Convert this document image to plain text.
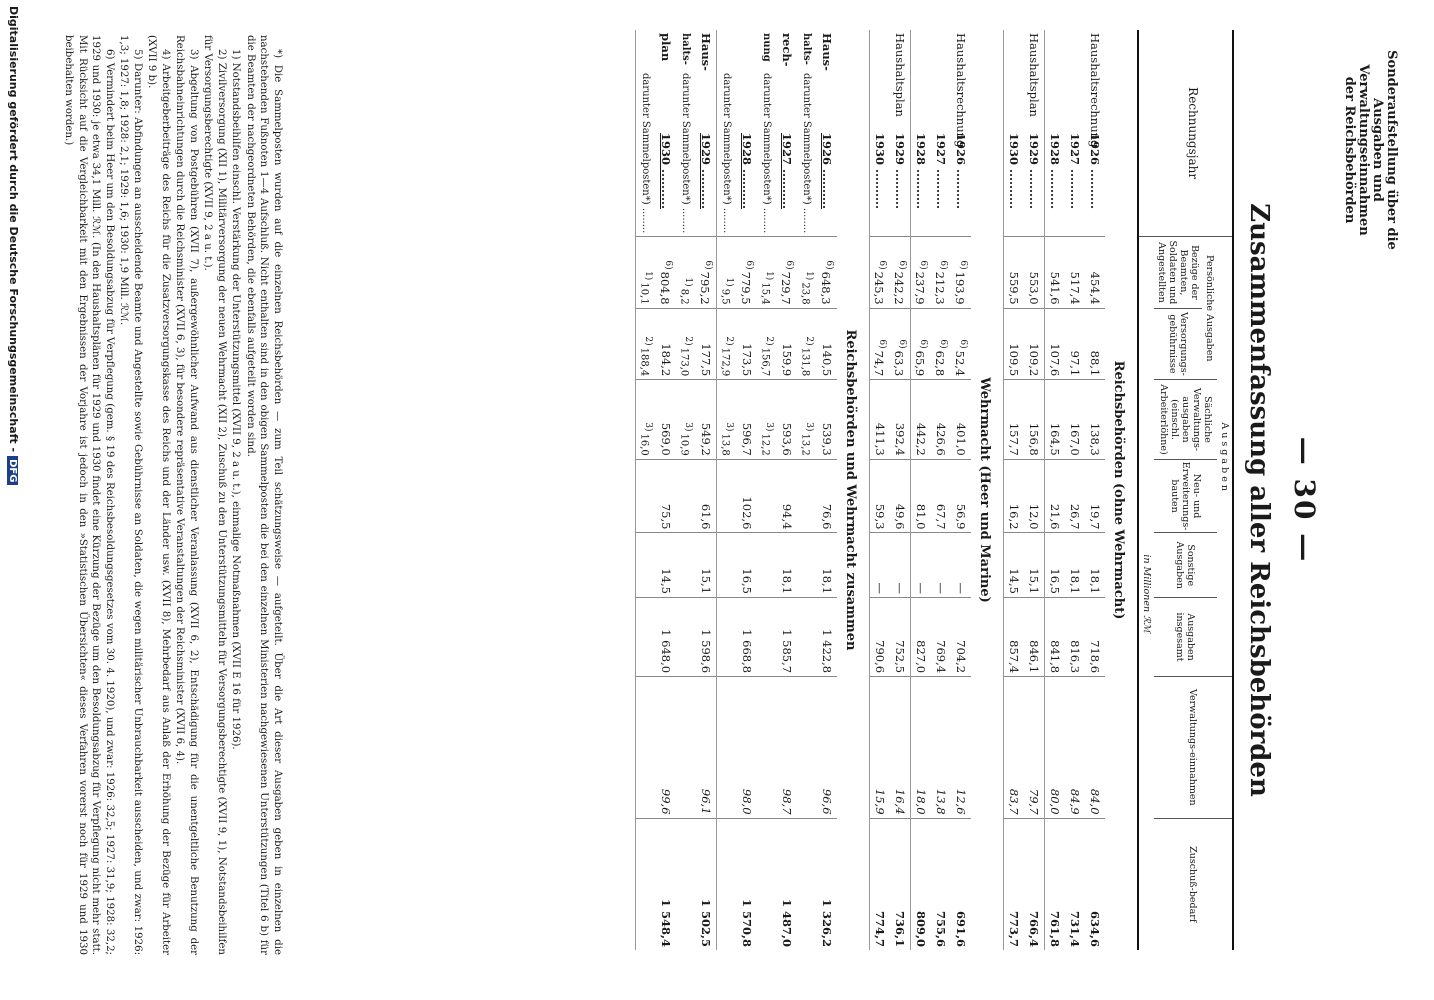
— 30 —
Zusammenfassung aller Reichsbehörden
Sonderaufstellung über die
Ausgaben und Verwaltungseinnahmen
der Reichsbehörden
Rechnungsjahr	A u s g a b e n						Verwaltungs-einnahmen	Zuschuß-bedarf
	Persönliche Ausgaben		Sächliche Verwaltungs-ausgaben (einschl. Arbeiterlöhne)	Neu- und Erweiterungs-bauten	Sonstige Ausgaben	Ausgaben insgesamt		
	Bezüge der Beamten, Soldaten und Angestellten	Versorgungs-gebührnisse						
	in Millionen ℛℳ							
Reichsbehörden (ohne Wehrmacht)								
Haushaltsrechnung1926 ..........	454,4	88,1	138,3	19,7	18,1	718,6	84,0	634,6
1927 ..........	517,4	97,1	167,0	26,7	18,1	816,3	84,9	731,4
1928 ..........	541,6	107,6	164,5	21,6	16,5	841,8	80,0	761,8
Haushaltsplan1929 ..........	553,0	109,2	156,8	12,0	15,1	846,1	79,7	766,4
1930 ..........	559,5	109,5	157,7	16,2	14,5	857,4	83,7	773,7
Wehrmacht (Heer und Marine)								
Haushaltsrechnung1926 ..........	$^{6)}$193,9	$^{6)}$52,4	401,0	56,9	—	704,2	12,6	691,6
1927 ..........	$^{6)}$212,3	$^{6)}$62,8	426,6	67,7	—	769,4	13,8	755,6
1928 ..........	$^{6)}$237,9	$^{6)}$65,9	442,2	81,0	—	827,0	18,0	809,0
Haushaltsplan1929 ..........	$^{6)}$242,2	$^{6)}$63,3	392,4	49,6	—	752,5	16,4	736,1
1930 ..........	$^{6)}$245,3	$^{6)}$74,7	411,3	59,3	—	790,6	15,9	774,7
Reichsbehörden und Wehrmacht zusammen								
Haus-1926 ..........	$^{6)}$648,3	140,5	539,3	76,6	18,1	1 422,8	96,6	1 326,2
halts-darunter Sammelposten*) ........	1)23,8	2)131,8	3)13,2					
rech-1927 ..........	$^{6)}$729,7	159,9	593,6	94,4	18,1	1 585,7	98,7	1 487,0
nungdarunter Sammelposten*) ........	1)15,4	2)156,7	3)12,2					
1928 ..........	$^{6)}$779,5	173,5	596,7	102,6	16,5	1 668,8	98,0	1 570,8
darunter Sammelposten*) ........	1)9,5	2)172,9	3)13,8					
Haus-1929 ..........	$^{6)}$795,2	177,5	549,2	61,6	15,1	1 598,6	96,1	1 502,5
halts-darunter Sammelposten*) ........	1)8,2	2)173,0	3)10,9					
plan1930 ..........	$^{6)}$804,8	184,2	569,0	75,5	14,5	1 648,0	99,6	1 548,4
darunter Sammelposten*) ........	1)10,1	2)188,4	3)16,0					

*) Die Sammelposten wurden auf die einzelnen Reichsbehörden — zum Teil schätzungsweise — aufgeteilt. Über die Art dieser Ausgaben geben in einzelnen die nachstehenden Fußnoten 1—4 Aufschluß. Nicht enthalten sind in den obigen Sammelposten die bei den einzelnen Ministerien nachgewiesenen Unterstützungen (Titel 6 b) für die Beamten der nachgeordneten Behörden, die ebenfalls aufgeteilt worden sind.

1) Notstandsbeihilfen einschl. Verstärkung der Unterstützungsmittel (XVII 9, 2 a u. t.), einmalige Notmaßnahmen (XVII E 16 für 1926).

2) Zivilversorgung (XII 1), Militärversorgung der neuen Wehrmacht (XII 2), Zuschuß zu den Unterstützungsmitteln für Versorgungsberechtigte (XVII 9, 1), Notstandsbeihilfen für Versorgungsberechtigte (XVII 9, 2 a u. t.).

3) Abgeltung von Postgebühren (XVII 7), außergewöhnlicher Aufwand aus dienstlicher Veranlassung (XVII 6, 2), Entschädigung für die unentgeltliche Benutzung der Reichsbahneinrichtungen durch die Reichsminister (XVII 6, 3), für besondere repräsentative Veranstaltungen der Reichsminister (XVII 6, 4).

4) Arbeitgeberbeiträge des Reichs für die Zusatzversorgungskasse des Reichs und der Länder usw. (XVII 8), Mehrbedarf aus Anlaß der Erhöhung der Bezüge für Arbeiter (XVII 9 b).

5) Darunter: Abfindungen an ausscheidende Beamte und Angestellte sowie Gebührnisse an Soldaten, die wegen militärischer Unbrauchbarkeit ausscheiden, und zwar: 1926: 1,3; 1927: 1,8; 1928: 2,1; 1929: 1,6; 1930: 1,9 Mill. ℛℳ.

6) Vermindert beim Heer um den Besoldungsabzug für Verpflegung (gem. § 19 des Reichsbesoldungsgesetzes vom 30. 4. 1920), und zwar: 1926: 32,5; 1927: 31,9; 1928: 32,2; 1929 und 1930: je etwa 34,1 Mill. ℛℳ. (In den Haushaltsplänen für 1929 und 1930 findet eine Kürzung der Bezüge um den Besoldungsabzug für Verpflegung nicht mehr statt. Mit Rücksicht auf die Vergleichbarkeit mit den Ergebnissen der Vorjahre ist jedoch in den »Statistischen Übersichten« dieses Verfahren vorerst noch für 1929 und 1930 beibehalten worden.)

Digitalisierung gefördert durch die Deutsche Forschungsgemeinschaft -DFG
